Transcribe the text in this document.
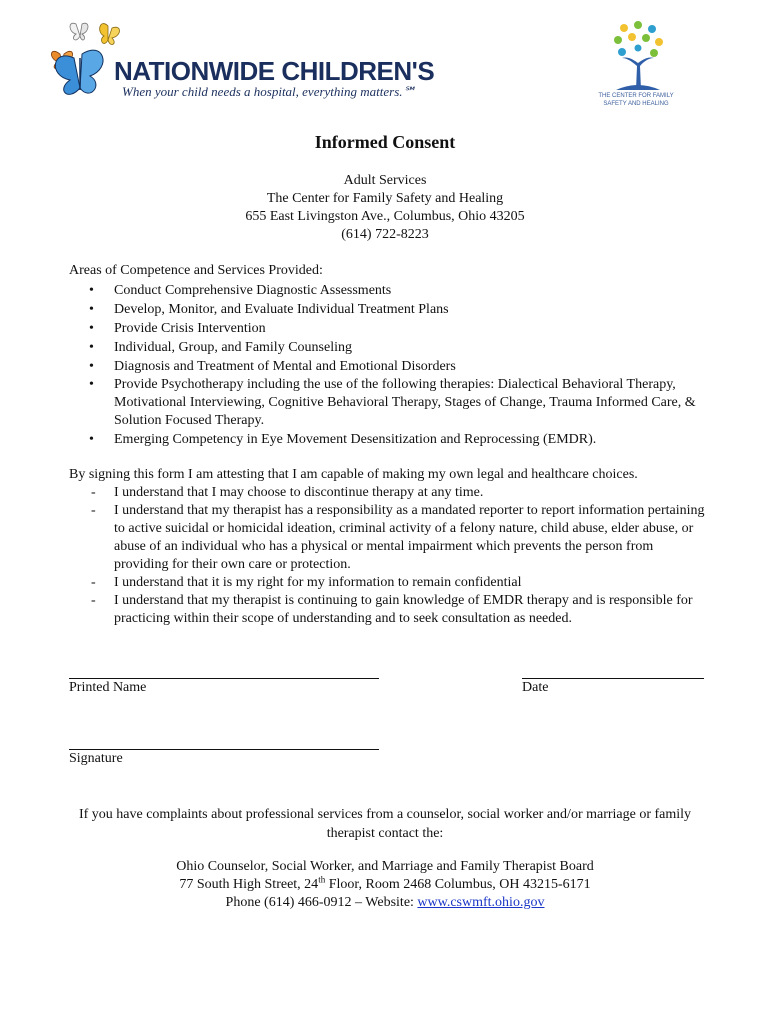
NATIONWIDE CHILDREN'S
When your child needs a hospital, everything matters.℠	THE CENTER FOR FAMILY
SAFETY AND HEALING
Informed Consent
Adult Services
The Center for Family Safety and Healing
655 East Livingston Ave., Columbus, Ohio 43205
(614) 722-8223
Areas of Competence and Services Provided:
• Conduct Comprehensive Diagnostic Assessments
• Develop, Monitor, and Evaluate Individual Treatment Plans
• Provide Crisis Intervention
• Individual, Group, and Family Counseling
• Diagnosis and Treatment of Mental and Emotional Disorders
• Provide Psychotherapy including the use of the following therapies: Dialectical Behavioral Therapy, Motivational Interviewing, Cognitive Behavioral Therapy, Stages of Change, Trauma Informed Care, & Solution Focused Therapy.
• Emerging Competency in Eye Movement Desensitization and Reprocessing (EMDR).
By signing this form I am attesting that I am capable of making my own legal and healthcare choices.
- I understand that I may choose to discontinue therapy at any time.
- I understand that my therapist has a responsibility as a mandated reporter to report information pertaining to active suicidal or homicidal ideation, criminal activity of a felony nature, child abuse, elder abuse, or abuse of an individual who has a physical or mental impairment which prevents the person from providing for their own care or protection.
- I understand that it is my right for my information to remain confidential
- I understand that my therapist is continuing to gain knowledge of EMDR therapy and is responsible for practicing within their scope of understanding and to seek consultation as needed.
Printed Name	Date
Signature
If you have complaints about professional services from a counselor, social worker and/or marriage or family therapist contact the:
Ohio Counselor, Social Worker, and Marriage and Family Therapist Board
77 South High Street, 24th Floor, Room 2468 Columbus, OH 43215-6171
Phone (614) 466-0912 – Website: www.cswmft.ohio.gov
